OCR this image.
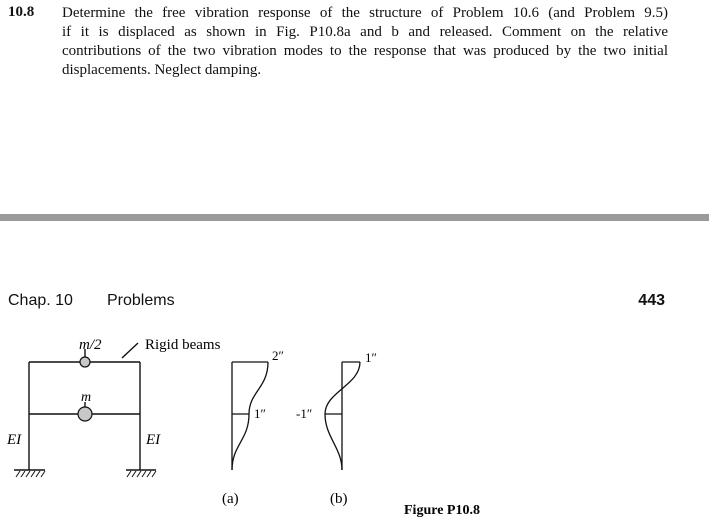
10.8 Determine the free vibration response of the structure of Problem 10.6 (and Problem 9.5)
if it is displaced as shown in Fig. P10.8a and b and released. Comment on the relative
contributions of the two vibration modes to the response that was produced by the two initial
displacements. Neglect damping.
Chap. 10 Problems	443
m/2
m
Rigid beams
EI	EI
2″
1″
1″
-1″
(a)	(b)
Figure P10.8
